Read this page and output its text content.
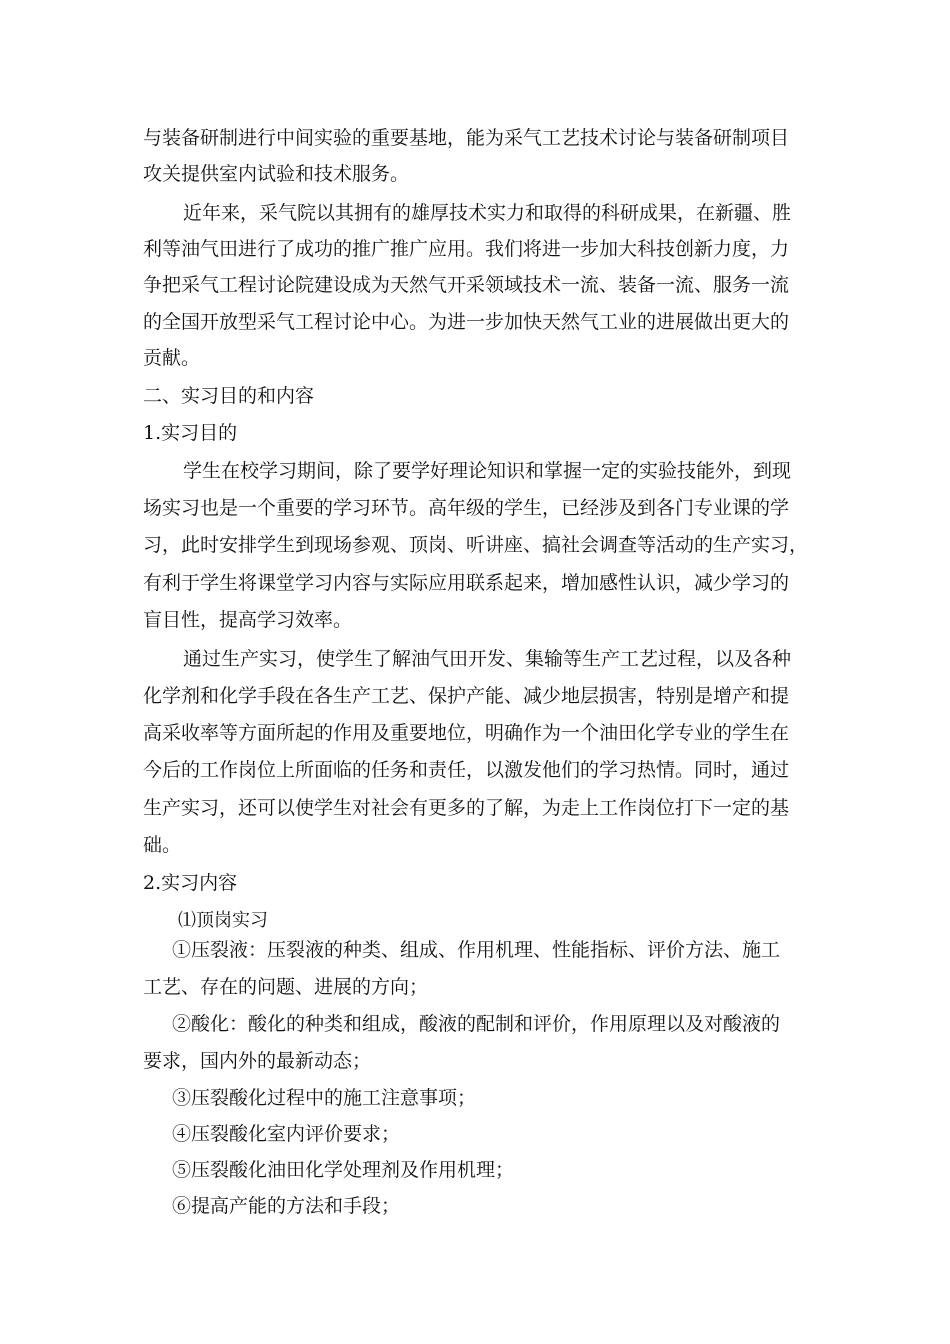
与装备研制进行中间实验的重要基地，能为采气工艺技术讨论与装备研制项目
攻关提供室内试验和技术服务。
近年来，采气院以其拥有的雄厚技术实力和取得的科研成果，在新疆、胜
利等油气田进行了成功的推广推广应用。我们将进一步加大科技创新力度，力
争把采气工程讨论院建设成为天然气开采领域技术一流、装备一流、服务一流
的全国开放型采气工程讨论中心。为进一步加快天然气工业的进展做出更大的
贡献。
二、实习目的和内容
1.实习目的
学生在校学习期间，除了要学好理论知识和掌握一定的实验技能外，到现
场实习也是一个重要的学习环节。高年级的学生，已经涉及到各门专业课的学
习，此时安排学生到现场参观、顶岗、听讲座、搞社会调查等活动的生产实习，
有利于学生将课堂学习内容与实际应用联系起来，增加感性认识，减少学习的
盲目性，提高学习效率。
通过生产实习，使学生了解油气田开发、集输等生产工艺过程，以及各种
化学剂和化学手段在各生产工艺、保护产能、减少地层损害，特别是增产和提
高采收率等方面所起的作用及重要地位，明确作为一个油田化学专业的学生在
今后的工作岗位上所面临的任务和责任，以激发他们的学习热情。同时，通过
生产实习，还可以使学生对社会有更多的了解，为走上工作岗位打下一定的基
础。
2.实习内容
⑴顶岗实习
①压裂液：压裂液的种类、组成、作用机理、性能指标、评价方法、施工
工艺、存在的问题、进展的方向；
②酸化：酸化的种类和组成，酸液的配制和评价，作用原理以及对酸液的
要求，国内外的最新动态；
③压裂酸化过程中的施工注意事项；
④压裂酸化室内评价要求；
⑤压裂酸化油田化学处理剂及作用机理；
⑥提高产能的方法和手段；
